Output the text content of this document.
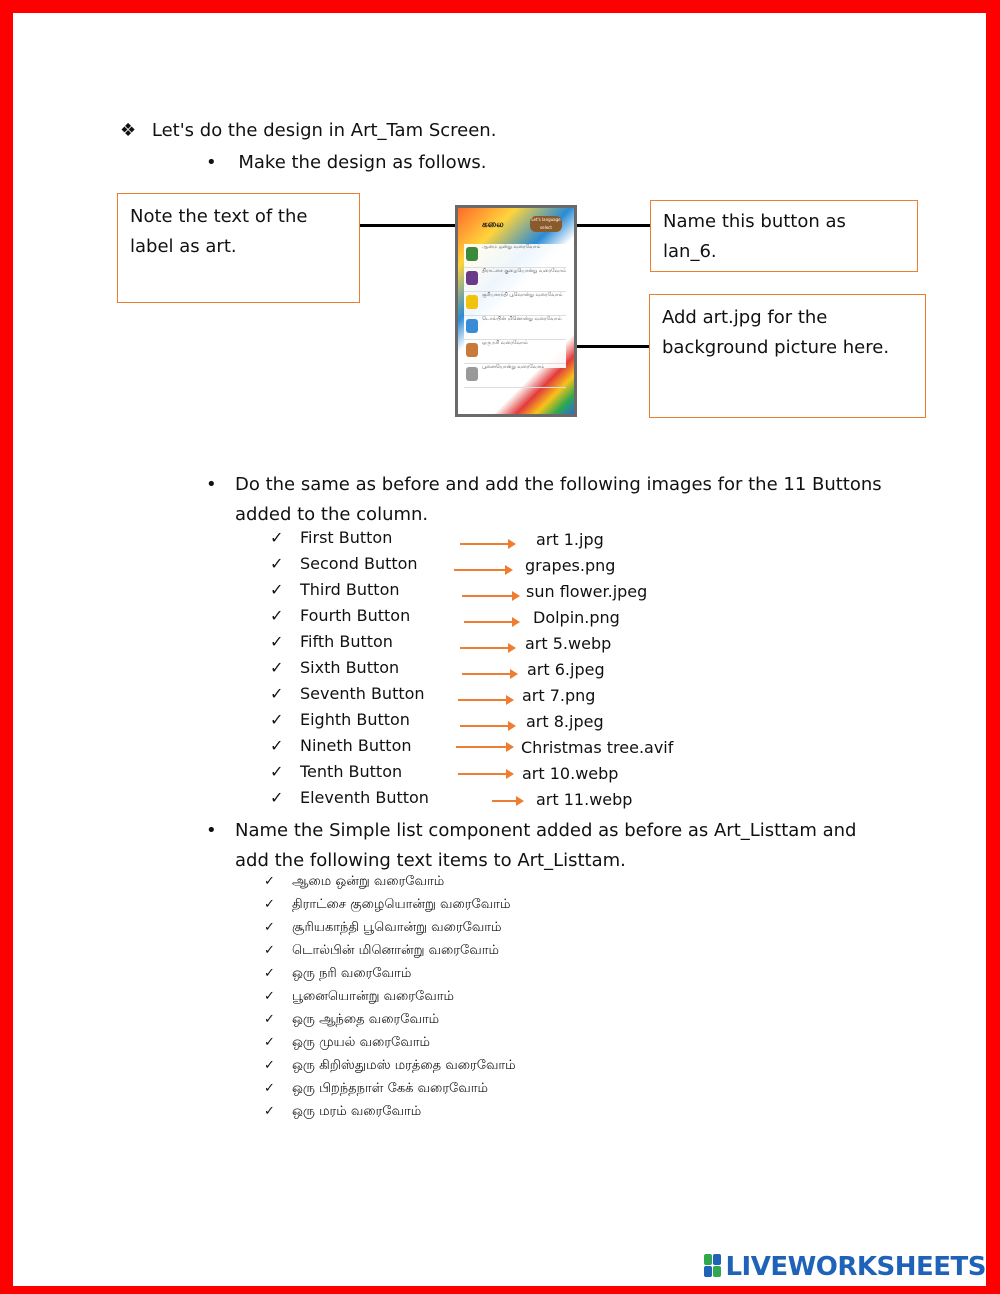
❖ Let's do the design in Art_Tam Screen.
• Make the design as follows.
Note the text of the label as art.
Name this button as lan_6.
Add art.jpg for the background picture here.
கலை
Let's language select
ஆமை ஒன்று வரைவோம்
திராட்சை குழையொன்று வரைவோம்
சூரியகாந்தி பூவொன்று வரைவோம்
டொல்பின் மினொன்று வரைவோம்
ஒரு நரி வரைவோம்
பூனையொன்று வரைவோம்
• Do the same as before and add the following images for the 11 Buttons added to the column.
✓ First Button
✓ Second Button
✓ Third Button
✓ Fourth Button
✓ Fifth Button
✓ Sixth Button
✓ Seventh Button
✓ Eighth Button
✓ Nineth Button
✓ Tenth Button
✓ Eleventh Button
art 1.jpg
grapes.png
sun flower.jpeg
Dolpin.png
art 5.webp
art 6.jpeg
art 7.png
art 8.jpeg
Christmas tree.avif
art 10.webp
art 11.webp
• Name the Simple list component added as before as Art_Listtam and add the following text items to Art_Listtam.
✓ ஆமை ஒன்று வரைவோம்
✓ திராட்சை குழையொன்று வரைவோம்
✓ சூரியகாந்தி பூவொன்று வரைவோம்
✓ டொல்பின் மினொன்று வரைவோம்
✓ ஒரு நரி வரைவோம்
✓ பூனையொன்று வரைவோம்
✓ ஒரு ஆந்தை வரைவோம்
✓ ஒரு முயல் வரைவோம்
✓ ஒரு கிறிஸ்துமஸ் மரத்தை வரைவோம்
✓ ஒரு பிறந்தநாள் கேக் வரைவோம்
✓ ஒரு மரம் வரைவோம்
LIVEWORKSHEETS
